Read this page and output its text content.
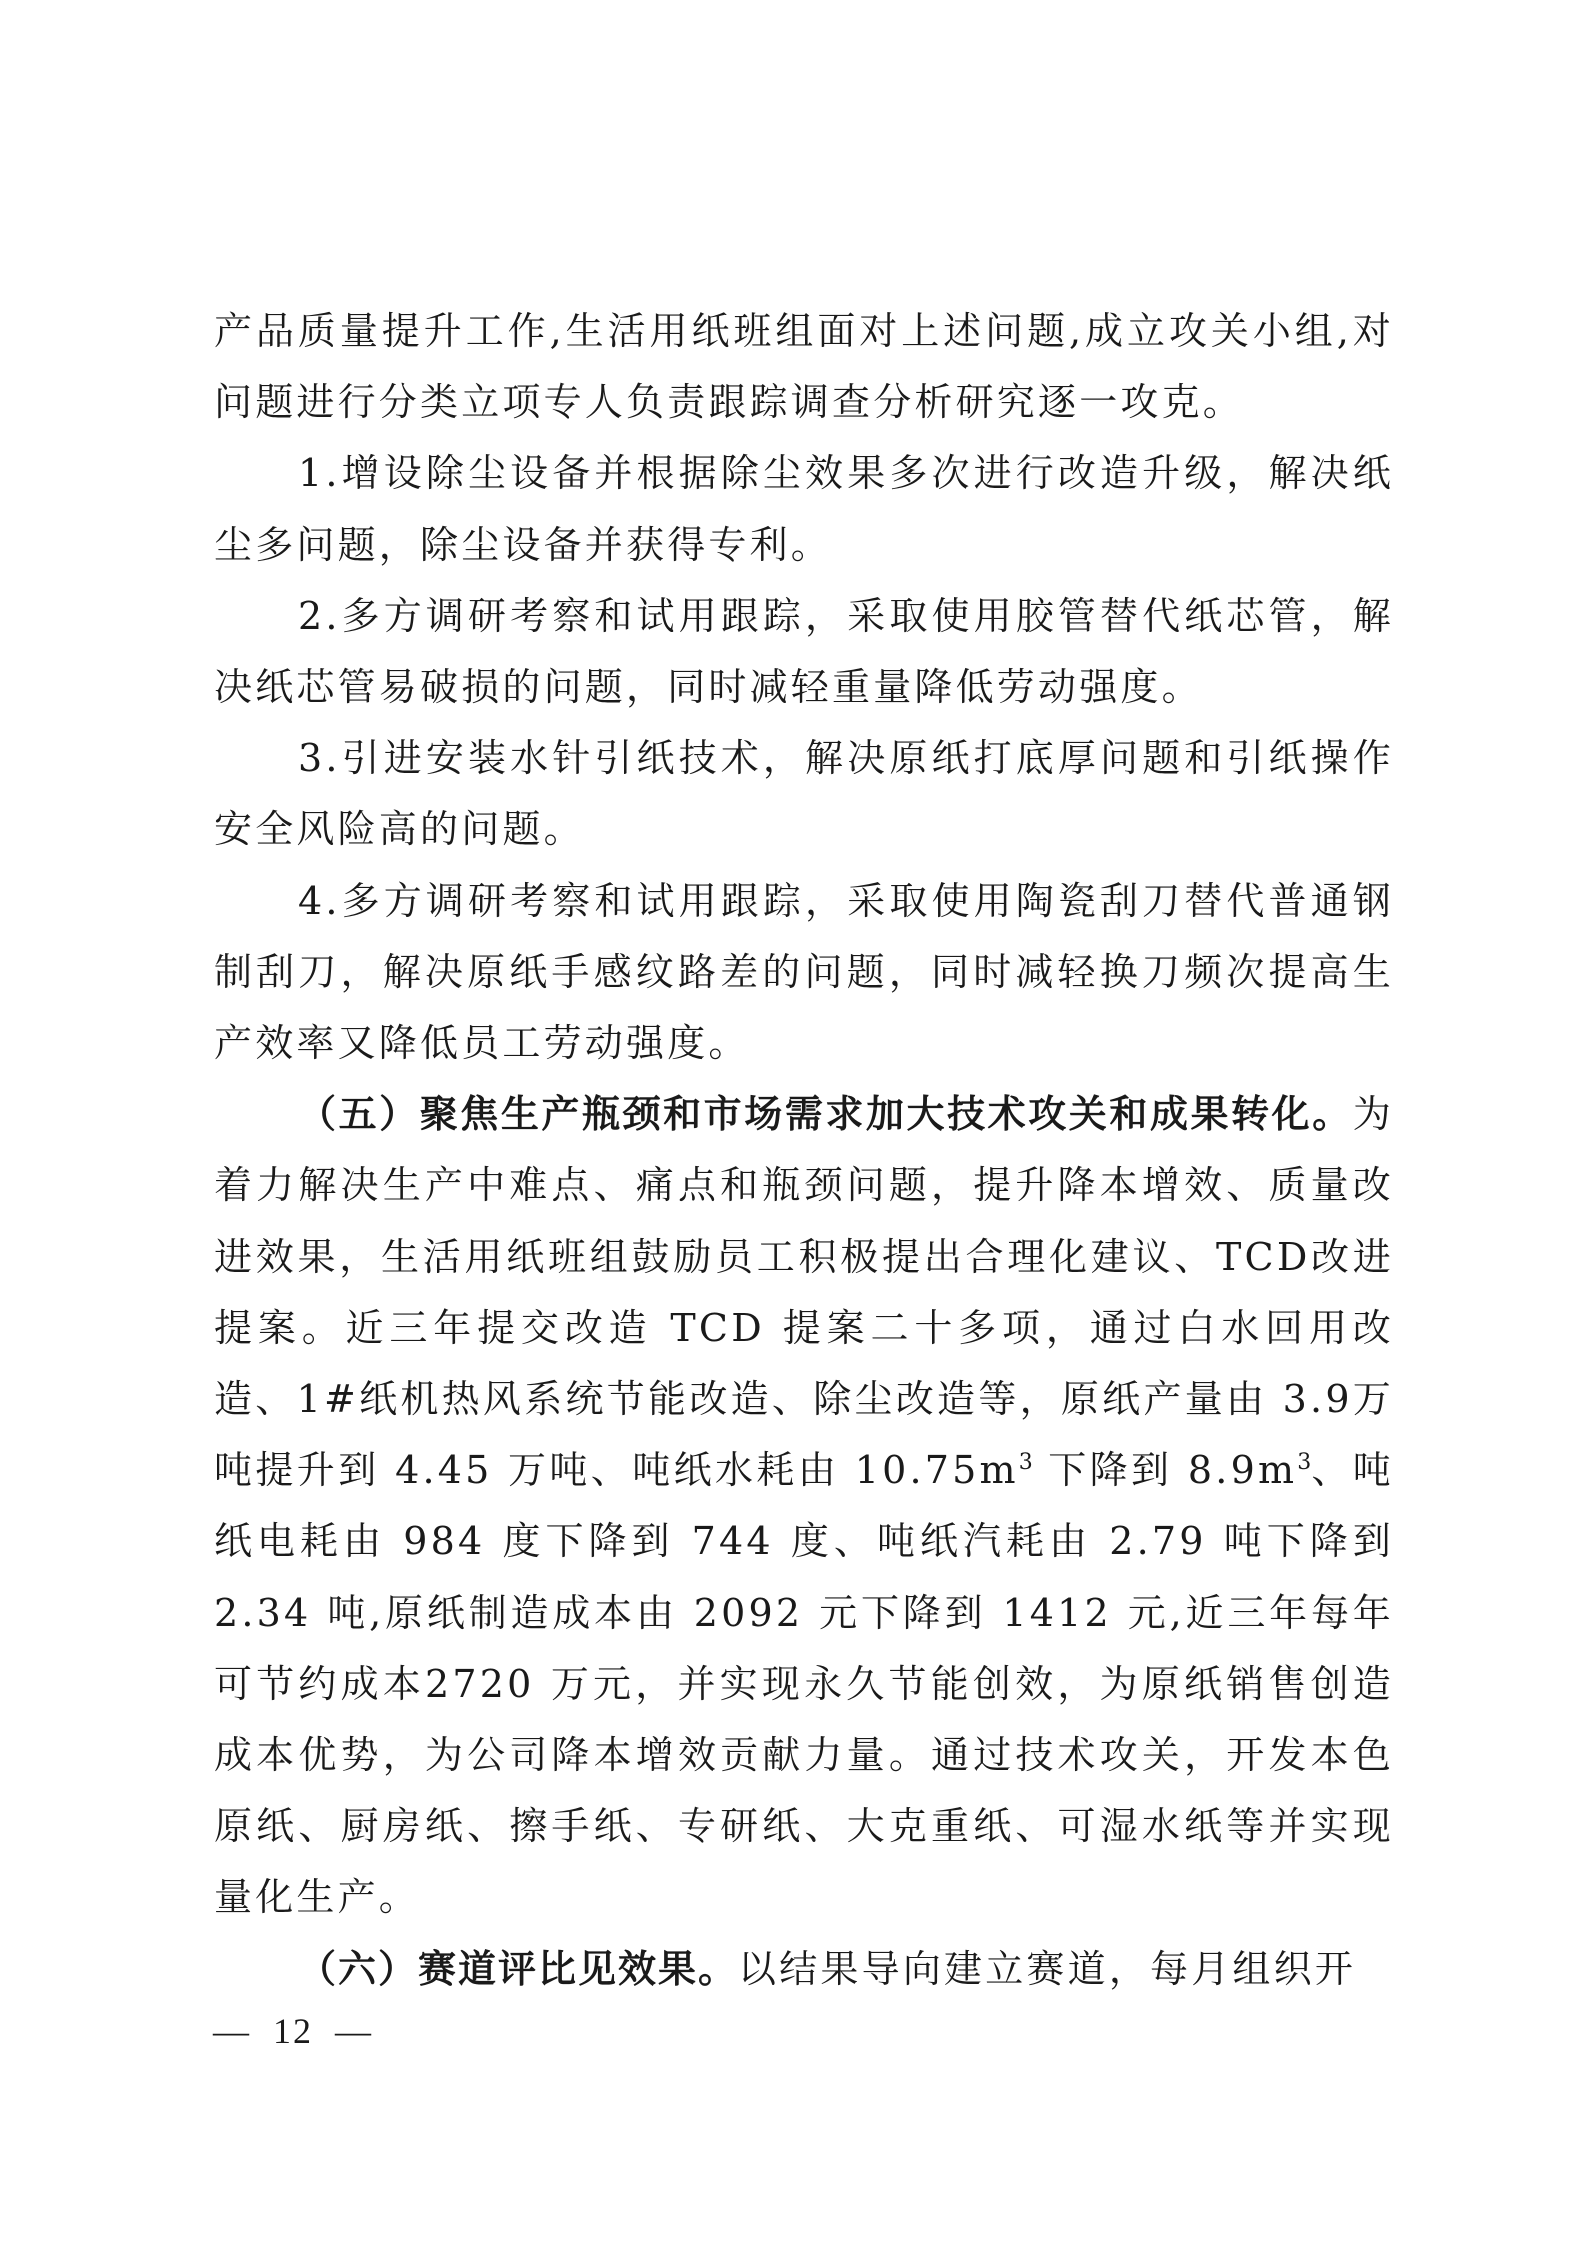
产品质量提升工作,生活用纸班组面对上述问题,成立攻关小组,对问题进行分类立项专人负责跟踪调查分析研究逐一攻克。

1.增设除尘设备并根据除尘效果多次进行改造升级，解决纸尘多问题，除尘设备并获得专利。

2.多方调研考察和试用跟踪，采取使用胶管替代纸芯管，解决纸芯管易破损的问题，同时减轻重量降低劳动强度。

3.引进安装水针引纸技术，解决原纸打底厚问题和引纸操作安全风险高的问题。

4.多方调研考察和试用跟踪，采取使用陶瓷刮刀替代普通钢制刮刀，解决原纸手感纹路差的问题，同时减轻换刀频次提高生产效率又降低员工劳动强度。

（五）聚焦生产瓶颈和市场需求加大技术攻关和成果转化。为着力解决生产中难点、痛点和瓶颈问题，提升降本增效、质量改进效果，生活用纸班组鼓励员工积极提出合理化建议、TCD改进提案。近三年提交改造 TCD 提案二十多项，通过白水回用改造、1#纸机热风系统节能改造、除尘改造等，原纸产量由 3.9万吨提升到 4.45 万吨、吨纸水耗由 $10.75m^3$ 下降到 $8.9m^3$、吨纸电耗由 984 度下降到 744 度、吨纸汽耗由 2.79 吨下降到 2.34 吨,原纸制造成本由 2092 元下降到 1412 元,近三年每年可节约成本2720 万元，并实现永久节能创效，为原纸销售创造成本优势，为公司降本增效贡献力量。通过技术攻关，开发本色原纸、厨房纸、擦手纸、专研纸、大克重纸、可湿水纸等并实现量化生产。

（六）赛道评比见效果。以结果导向建立赛道，每月组织开

—  12  —
